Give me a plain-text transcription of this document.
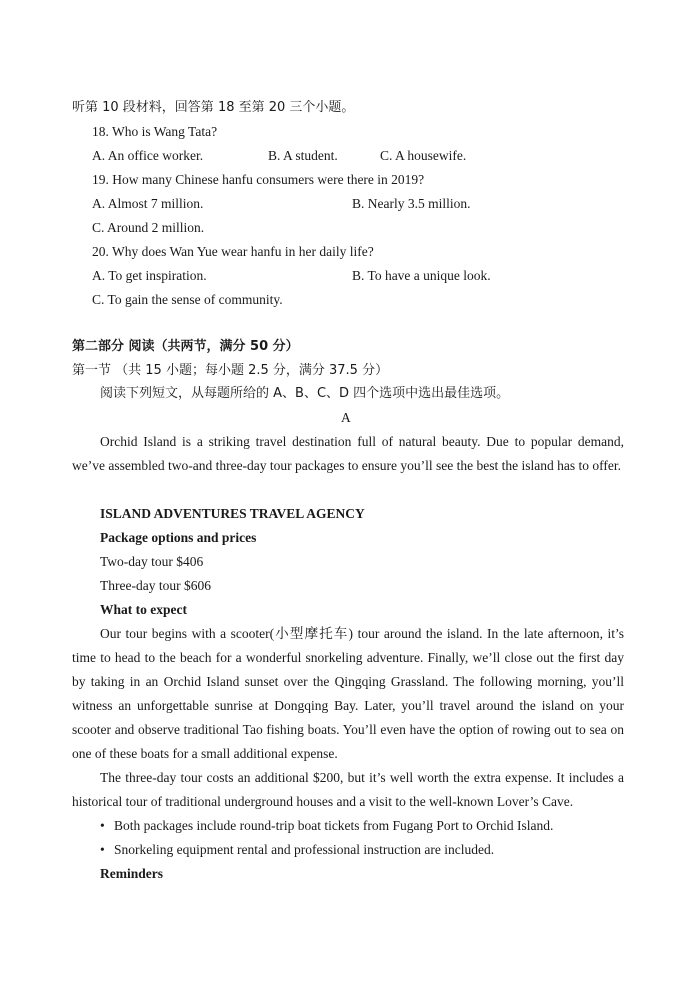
听第 10 段材料，回答第 18 至第 20 三个小题。
18. Who is Wang Tata?
A. An office worker.	B. A student.	C. A housewife.
19. How many Chinese hanfu consumers were there in 2019?
A. Almost 7 million.	B. Nearly 3.5 million.
C. Around 2 million.
20. Why does Wan Yue wear hanfu in her daily life?
A. To get inspiration.	B. To have a unique look.
C. To gain the sense of community.
第二部分 阅读（共两节，满分 50 分）
第一节 （共 15 小题；每小题 2.5 分，满分 37.5 分）
阅读下列短文，从每题所给的 A、B、C、D 四个选项中选出最佳选项。
A
Orchid Island is a striking travel destination full of natural beauty. Due to popular demand, we’ve assembled two-and three-day tour packages to ensure you’ll see the best the island has to offer.
ISLAND ADVENTURES TRAVEL AGENCY
Package options and prices
Two-day tour $406
Three-day tour $606
What to expect
Our tour begins with a scooter(小型摩托车) tour around the island. In the late afternoon, it’s time to head to the beach for a wonderful snorkeling adventure. Finally, we’ll close out the first day by taking in an Orchid Island sunset over the Qingqing Grassland. The following morning, you’ll witness an unforgettable sunrise at Dongqing Bay. Later, you’ll travel around the island on your scooter and observe traditional Tao fishing boats. You’ll even have the option of rowing out to sea on one of these boats for a small additional expense.
The three-day tour costs an additional $200, but it’s well worth the extra expense. It includes a historical tour of traditional underground houses and a visit to the well-known Lover’s Cave.
• Both packages include round-trip boat tickets from Fugang Port to Orchid Island.
• Snorkeling equipment rental and professional instruction are included.
Reminders
